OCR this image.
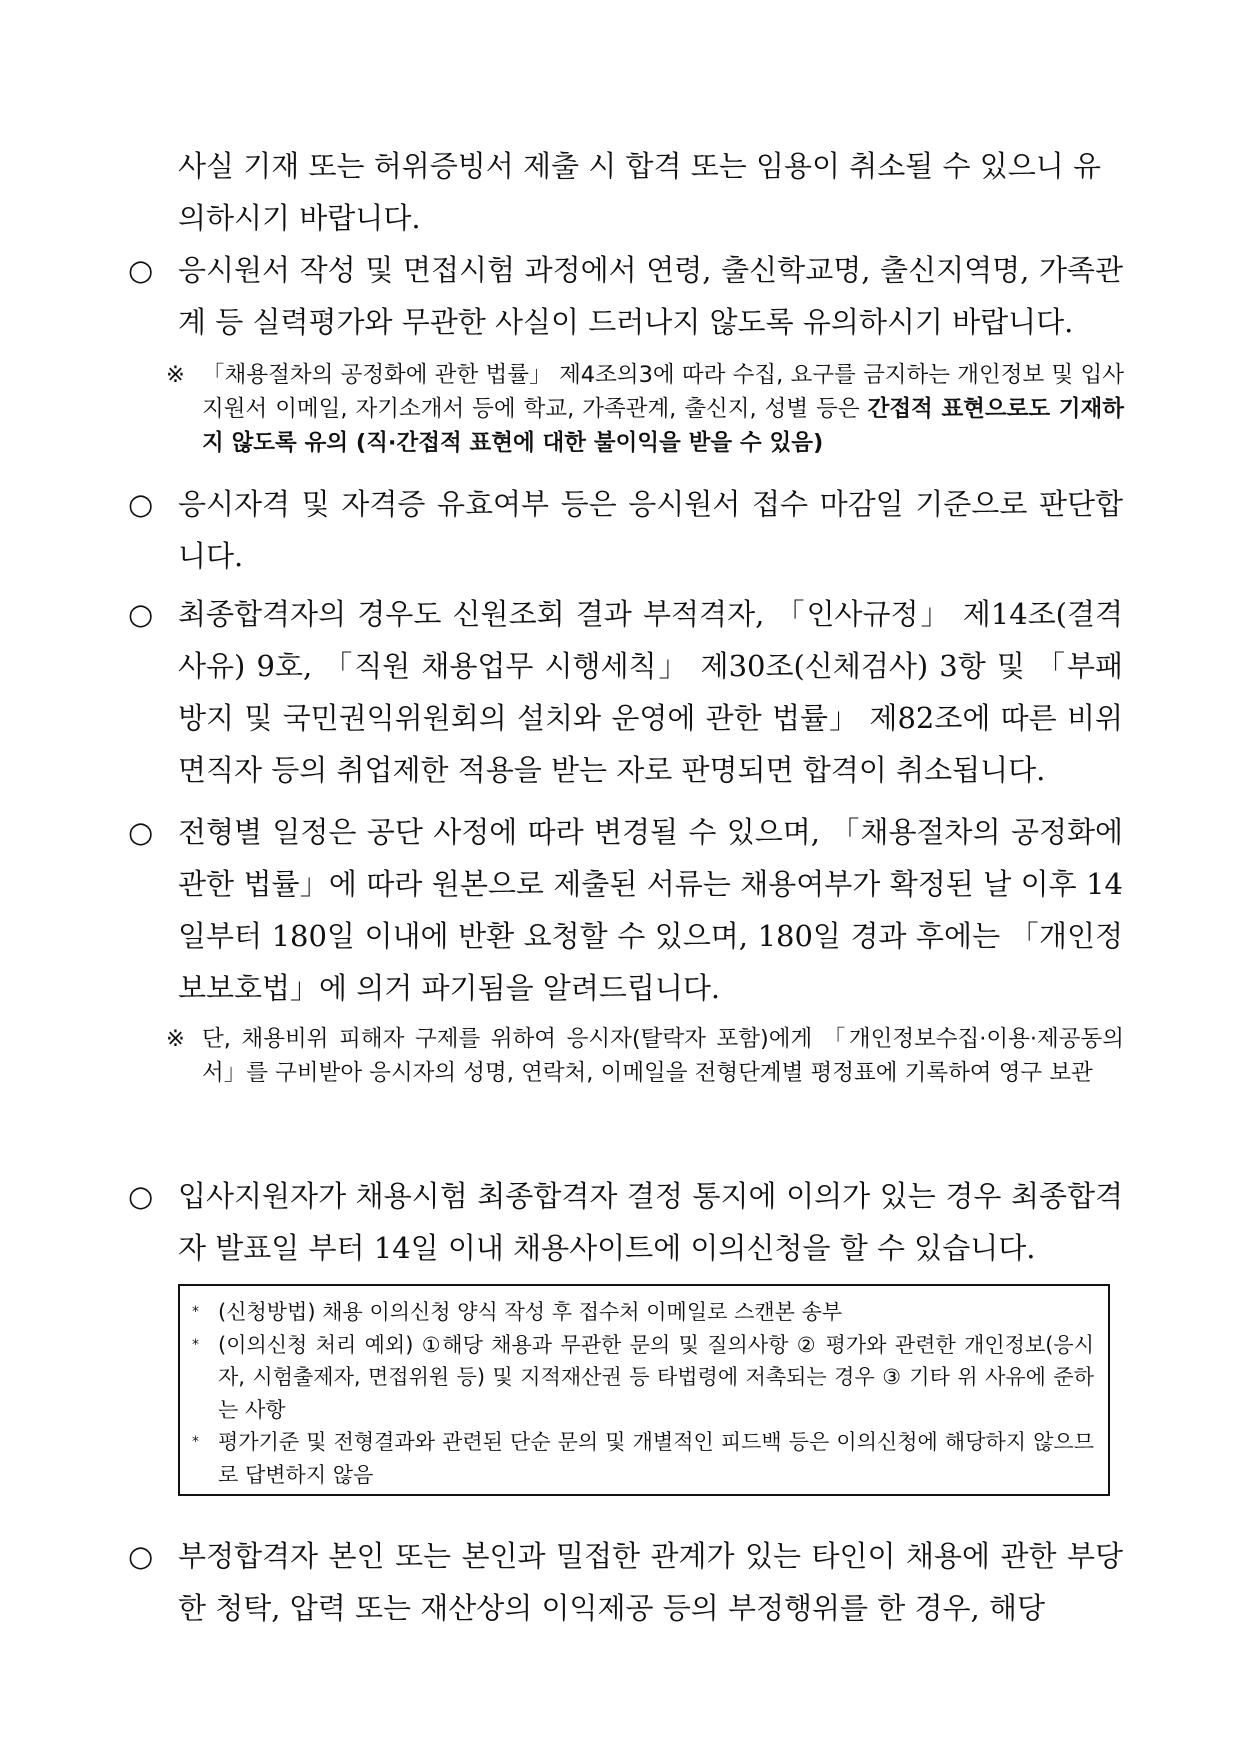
사실 기재 또는 허위증빙서 제출 시 합격 또는 임용이 취소될 수 있으니 유의하시기 바랍니다.
○ 응시원서 작성 및 면접시험 과정에서 연령, 출신학교명, 출신지역명, 가족관계 등 실력평가와 무관한 사실이 드러나지 않도록 유의하시기 바랍니다.
※ 「채용절차의 공정화에 관한 법률」 제4조의3에 따라 수집, 요구를 금지하는 개인정보 및 입사지원서 이메일, 자기소개서 등에 학교, 가족관계, 출신지, 성별 등은 간접적 표현으로도 기재하지 않도록 유의 (직·간접적 표현에 대한 불이익을 받을 수 있음)
○ 응시자격 및 자격증 유효여부 등은 응시원서 접수 마감일 기준으로 판단합니다.
○ 최종합격자의 경우도 신원조회 결과 부적격자, 「인사규정」 제14조(결격사유) 9호, 「직원 채용업무 시행세칙」 제30조(신체검사) 3항 및 「부패방지 및 국민권익위원회의 설치와 운영에 관한 법률」 제82조에 따른 비위면직자 등의 취업제한 적용을 받는 자로 판명되면 합격이 취소됩니다.
○ 전형별 일정은 공단 사정에 따라 변경될 수 있으며, 「채용절차의 공정화에 관한 법률」에 따라 원본으로 제출된 서류는 채용여부가 확정된 날 이후 14일부터 180일 이내에 반환 요청할 수 있으며, 180일 경과 후에는 「개인정보보호법」에 의거 파기됨을 알려드립니다.
※ 단, 채용비위 피해자 구제를 위하여 응시자(탈락자 포함)에게 「개인정보수집·이용·제공동의서」를 구비받아 응시자의 성명, 연락처, 이메일을 전형단계별 평정표에 기록하여 영구 보관
○ 입사지원자가 채용시험 최종합격자 결정 통지에 이의가 있는 경우 최종합격자 발표일 부터 14일 이내 채용사이트에 이의신청을 할 수 있습니다.
* (신청방법) 채용 이의신청 양식 작성 후 접수처 이메일로 스캔본 송부
* (이의신청 처리 예외) ①해당 채용과 무관한 문의 및 질의사항 ② 평가와 관련한 개인정보(응시자, 시험출제자, 면접위원 등) 및 지적재산권 등 타법령에 저촉되는 경우 ③ 기타 위 사유에 준하는 사항
* 평가기준 및 전형결과와 관련된 단순 문의 및 개별적인 피드백 등은 이의신청에 해당하지 않으므로 답변하지 않음
○ 부정합격자 본인 또는 본인과 밀접한 관계가 있는 타인이 채용에 관한 부당한 청탁, 압력 또는 재산상의 이익제공 등의 부정행위를 한 경우, 해당
